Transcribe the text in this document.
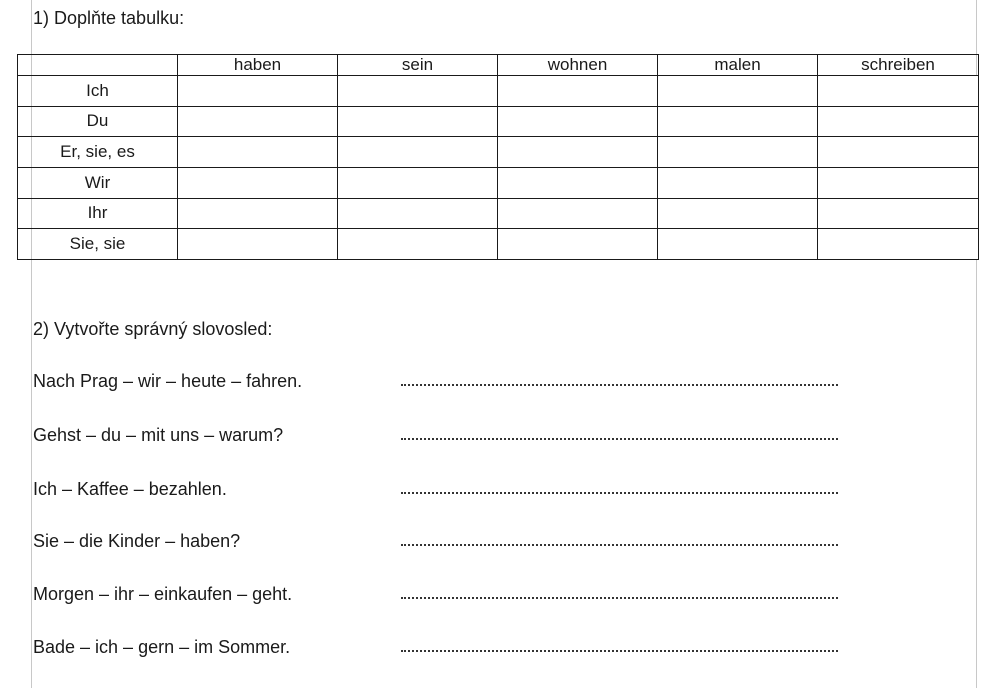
1) Doplňte tabulku:
	haben	sein	wohnen	malen	schreiben
Ich					
Du					
Er, sie, es					
Wir					
Ihr					
Sie, sie					
2) Vytvořte správný slovosled:
Nach Prag – wir – heute – fahren.
Gehst – du – mit uns – warum?
Ich – Kaffee – bezahlen.
Sie – die Kinder – haben?
Morgen – ihr – einkaufen – geht.
Bade – ich – gern – im Sommer.
